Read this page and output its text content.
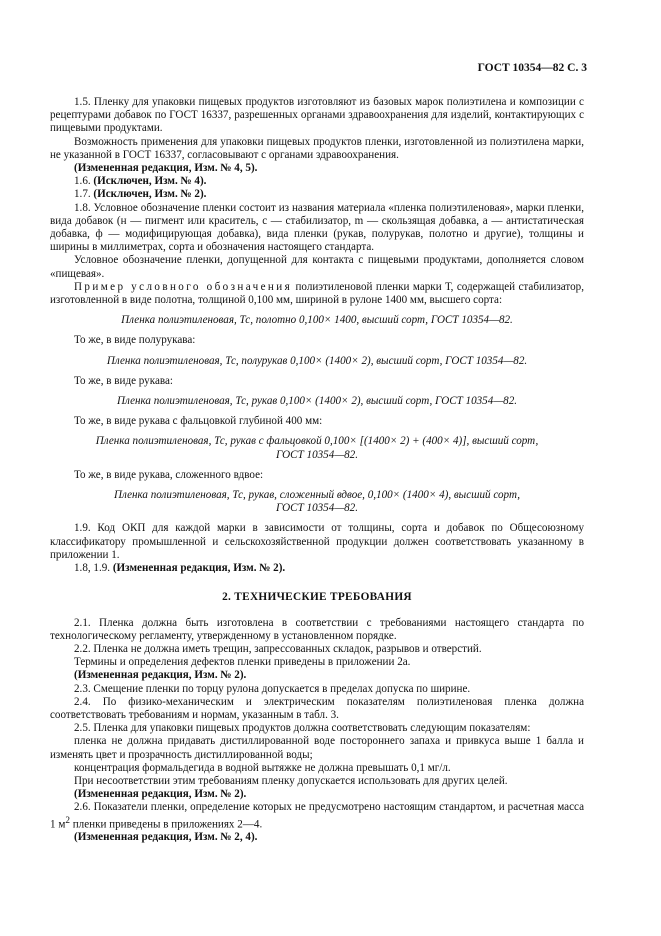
ГОСТ 10354—82 С. 3

1.5. Пленку для упаковки пищевых продуктов изготовляют из базовых марок полиэтилена и композиции с рецептурами добавок по ГОСТ 16337, разрешенных органами здравоохранения для изделий, контактирующих с пищевыми продуктами.

Возможность применения для упаковки пищевых продуктов пленки, изготовленной из полиэтилена марки, не указанной в ГОСТ 16337, согласовывают с органами здравоохранения.

(Измененная редакция, Изм. № 4, 5).

1.6. (Исключен, Изм. № 4).

1.7. (Исключен, Изм. № 2).

1.8. Условное обозначение пленки состоит из названия материала «пленка полиэтиленовая», марки пленки, вида добавок (н — пигмент или краситель, с — стабилизатор, m — скользящая добавка, а — антистатическая добавка, ф — модифицирующая добавка), вида пленки (рукав, полурукав, полотно и другие), толщины и ширины в миллиметрах, сорта и обозначения настоящего стандарта.

Условное обозначение пленки, допущенной для контакта с пищевыми продуктами, дополняется словом «пищевая».

Пример условного обозначения полиэтиленовой пленки марки Т, содержащей стабилизатор, изготовленной в виде полотна, толщиной 0,100 мм, шириной в рулоне 1400 мм, высшего сорта:

Пленка полиэтиленовая, Тс, полотно 0,100× 1400, высший сорт, ГОСТ 10354—82.

То же, в виде полурукава:

Пленка полиэтиленовая, Тс, полурукав 0,100× (1400× 2), высший сорт, ГОСТ 10354—82.

То же, в виде рукава:

Пленка полиэтиленовая, Тс, рукав 0,100× (1400× 2), высший сорт, ГОСТ 10354—82.

То же, в виде рукава с фальцовкой глубиной 400 мм:

Пленка полиэтиленовая, Тс, рукав с фальцовкой 0,100× [(1400× 2) + (400× 4)], высший сорт,
ГОСТ 10354—82.

То же, в виде рукава, сложенного вдвое:

Пленка полиэтиленовая, Тс, рукав, сложенный вдвое, 0,100× (1400× 4), высший сорт,
ГОСТ 10354—82.

1.9. Код ОКП для каждой марки в зависимости от толщины, сорта и добавок по Общесоюзному классификатору промышленной и сельскохозяйственной продукции должен соответствовать указанному в приложении 1.

1.8, 1.9. (Измененная редакция, Изм. № 2).

2. ТЕХНИЧЕСКИЕ ТРЕБОВАНИЯ

2.1. Пленка должна быть изготовлена в соответствии с требованиями настоящего стандарта по технологическому регламенту, утвержденному в установленном порядке.

2.2. Пленка не должна иметь трещин, запрессованных складок, разрывов и отверстий.

Термины и определения дефектов пленки приведены в приложении 2а.

(Измененная редакция, Изм. № 2).

2.3. Смещение пленки по торцу рулона допускается в пределах допуска по ширине.

2.4. По физико-механическим и электрическим показателям полиэтиленовая пленка должна соответствовать требованиям и нормам, указанным в табл. 3.

2.5. Пленка для упаковки пищевых продуктов должна соответствовать следующим показателям:

пленка не должна придавать дистиллированной воде постороннего запаха и привкуса выше 1 балла и изменять цвет и прозрачность дистиллированной воды;

концентрация формальдегида в водной вытяжке не должна превышать 0,1 мг/л.

При несоответствии этим требованиям пленку допускается использовать для других целей.

(Измененная редакция, Изм. № 2).

2.6. Показатели пленки, определение которых не предусмотрено настоящим стандартом, и расчетная масса 1 $м^2$ пленки приведены в приложениях 2—4.

(Измененная редакция, Изм. № 2, 4).
